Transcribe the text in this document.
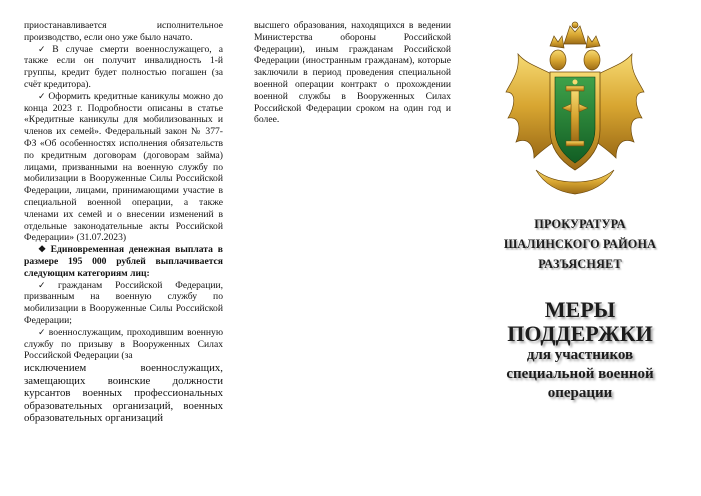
приостанавливается исполнительное производство, если оно уже было начато.

✓ В случае смерти военнослужащего, а также если он получит инвалидность 1-й группы, кредит будет полностью погашен (за счёт кредитора).

✓ Оформить кредитные каникулы можно до конца 2023 г. Подробности описаны в статье «Кредитные каникулы для мобилизованных и членов их семей». Федеральный закон № 377-ФЗ «Об особенностях исполнения обязательств по кредитным договорам (договорам займа) лицами, призванными на военную службу по мобилизации в Вооруженные Силы Российской Федерации, лицами, принимающими участие в специальной военной операции, а также членами их семей и о внесении изменений в отдельные законодательные акты Российской Федерации» (31.07.2023)

❖ Единовременная денежная выплата в размере 195 000 рублей выплачивается следующим категориям лиц:

✓ гражданам Российской Федерации, призванным на военную службу по мобилизации в Вооруженные Силы Российской Федерации;

✓ военнослужащим, проходившим военную службу по призыву в Вооруженных Силах Российской Федерации (за

исключением военнослужащих, замещающих воинские должности курсантов военных профессиональных образовательных организаций, военных образовательных организаций

высшего образования, находящихся в ведении Министерства обороны Российской Федерации), иным гражданам Российской Федерации (иностранным гражданам), которые заключили в период проведения специальной военной операции контракт о прохождении военной службы в Вооруженных Силах Российской Федерации сроком на один год и более.

ПРОКУРАТУРА
ШАЛИНСКОГО РАЙОНА
РАЗЪЯСНЯЕТ
МЕРЫ
ПОДДЕРЖКИ
для участников
специальной военной
операции
